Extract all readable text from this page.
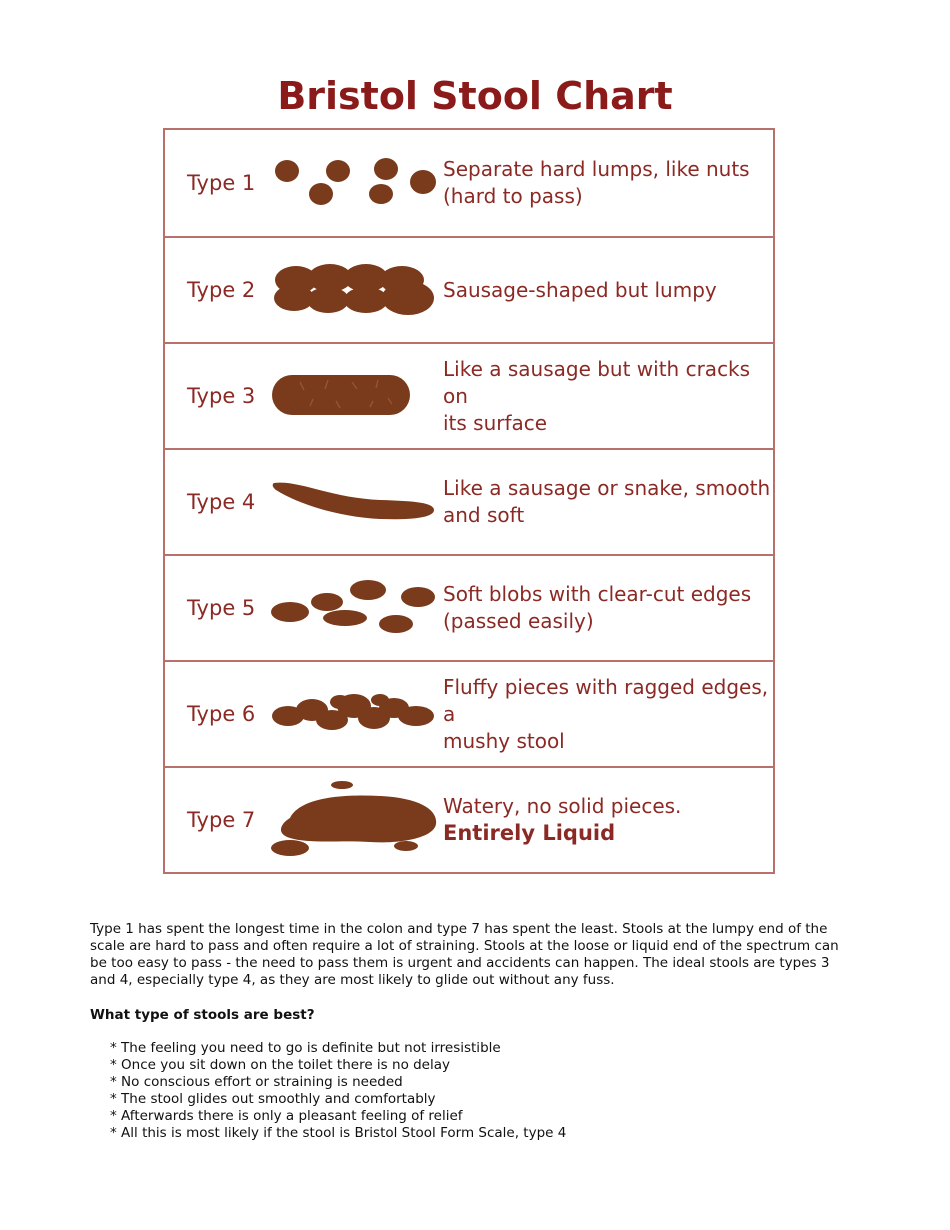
Bristol Stool Chart
Type 1
Separate hard lumps, like nuts
(hard to pass)
Type 2	Sausage-shaped but lumpy
Type 3
Like a sausage but with cracks on
its surface
Type 4
Like a sausage or snake, smooth
and soft
Type 5
Soft blobs with clear-cut edges
(passed easily)
Type 6
Fluffy pieces with ragged edges, a
mushy stool
Type 7
Watery, no solid pieces.
Entirely Liquid

Type 1 has spent the longest time in the colon and type 7 has spent the least. Stools at the lumpy end of the scale are hard to pass and often require a lot of straining. Stools at the loose or liquid end of the spectrum can be too easy to pass - the need to pass them is urgent and accidents can happen. The ideal stools are types 3 and 4, especially type 4, as they are most likely to glide out without any fuss.

What type of stools are best?

* The feeling you need to go is definite but not irresistible
* Once you sit down on the toilet there is no delay
* No conscious effort or straining is needed
* The stool glides out smoothly and comfortably
* Afterwards there is only a pleasant feeling of relief
* All this is most likely if the stool is Bristol Stool Form Scale, type 4
